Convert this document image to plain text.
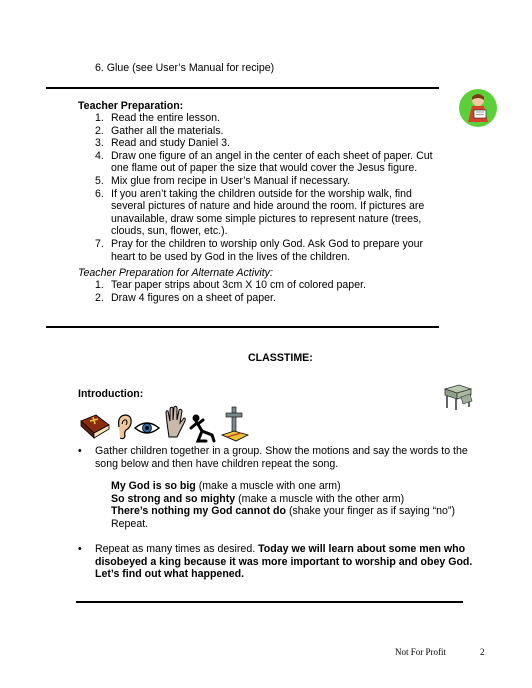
6. Glue (see User’s Manual for recipe)
Teacher Preparation:
1. Read the entire lesson.
2. Gather all the materials.
3. Read and study Daniel 3.
4. Draw one figure of an angel in the center of each sheet of paper. Cut
one flame out of paper the size that would cover the Jesus figure.
5. Mix glue from recipe in User’s Manual if necessary.
6. If you aren’t taking the children outside for the worship walk, find
several pictures of nature and hide around the room. If pictures are
unavailable, draw some simple pictures to represent nature (trees,
clouds, sun, flower, etc.).
7. Pray for the children to worship only God. Ask God to prepare your
heart to be used by God in the lives of the children.
Teacher Preparation for Alternate Activity:
1. Tear paper strips about 3cm X 10 cm of colored paper.
2. Draw 4 figures on a sheet of paper.
CLASSTIME:
Introduction:
•	Gather children together in a group. Show the motions and say the words to the
song below and then have children repeat the song.
My God is so big (make a muscle with one arm)
So strong and so mighty (make a muscle with the other arm)
There’s nothing my God cannot do (shake your finger as if saying “no”)
Repeat.
•	Repeat as many times as desired. Today we will learn about some men who
disobeyed a king because it was more important to worship and obey God.
Let’s find out what happened.
Not For Profit	2
